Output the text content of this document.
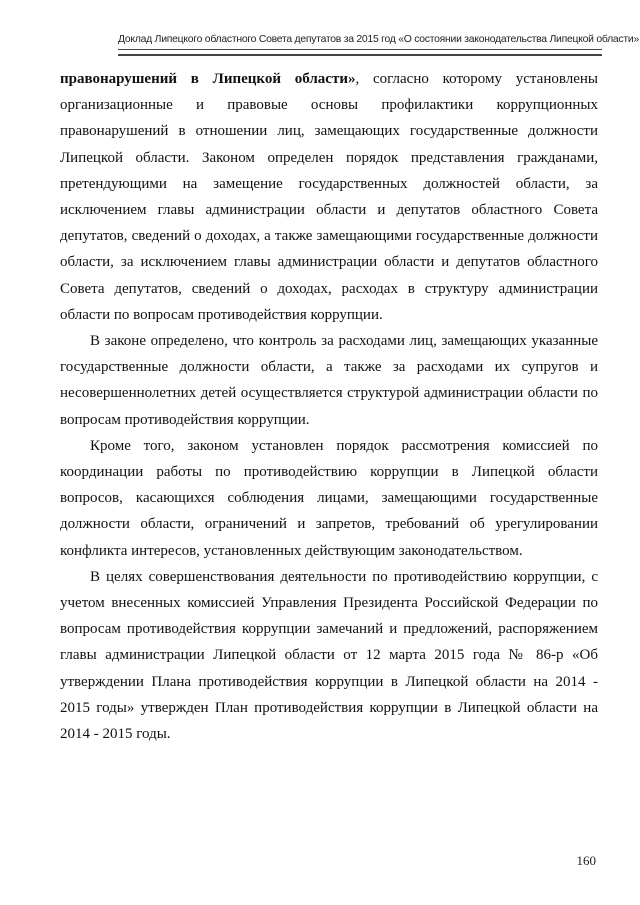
Доклад Липецкого областного Совета депутатов за 2015 год «О состоянии законодательства Липецкой области»

правонарушений в Липецкой области», согласно которому установлены организационные и правовые основы профилактики коррупционных правонарушений в отношении лиц, замещающих государственные должности Липецкой области. Законом определен порядок представления гражданами, претендующими на замещение государственных должностей области, за исключением главы администрации области и депутатов областного Совета депутатов, сведений о доходах, а также замещающими государственные должности области, за исключением главы администрации области и депутатов областного Совета депутатов, сведений о доходах, расходах в структуру администрации области по вопросам противодействия коррупции.

В законе определено, что контроль за расходами лиц, замещающих указанные государственные должности области, а также за расходами их супругов и несовершеннолетних детей осуществляется структурой администрации области по вопросам противодействия коррупции.

Кроме того, законом установлен порядок рассмотрения комиссией по координации работы по противодействию коррупции в Липецкой области вопросов, касающихся соблюдения лицами, замещающими государственные должности области, ограничений и запретов, требований об урегулировании конфликта интересов, установленных действующим законодательством.

В целях совершенствования деятельности по противодействию коррупции, с учетом внесенных комиссией Управления Президента Российской Федерации по вопросам противодействия коррупции замечаний и предложений, распоряжением главы администрации Липецкой области от 12 марта 2015 года № 86-р «Об утверждении Плана противодействия коррупции в Липецкой области на 2014 - 2015 годы» утвержден План противодействия коррупции в Липецкой области на 2014 - 2015 годы.

160
